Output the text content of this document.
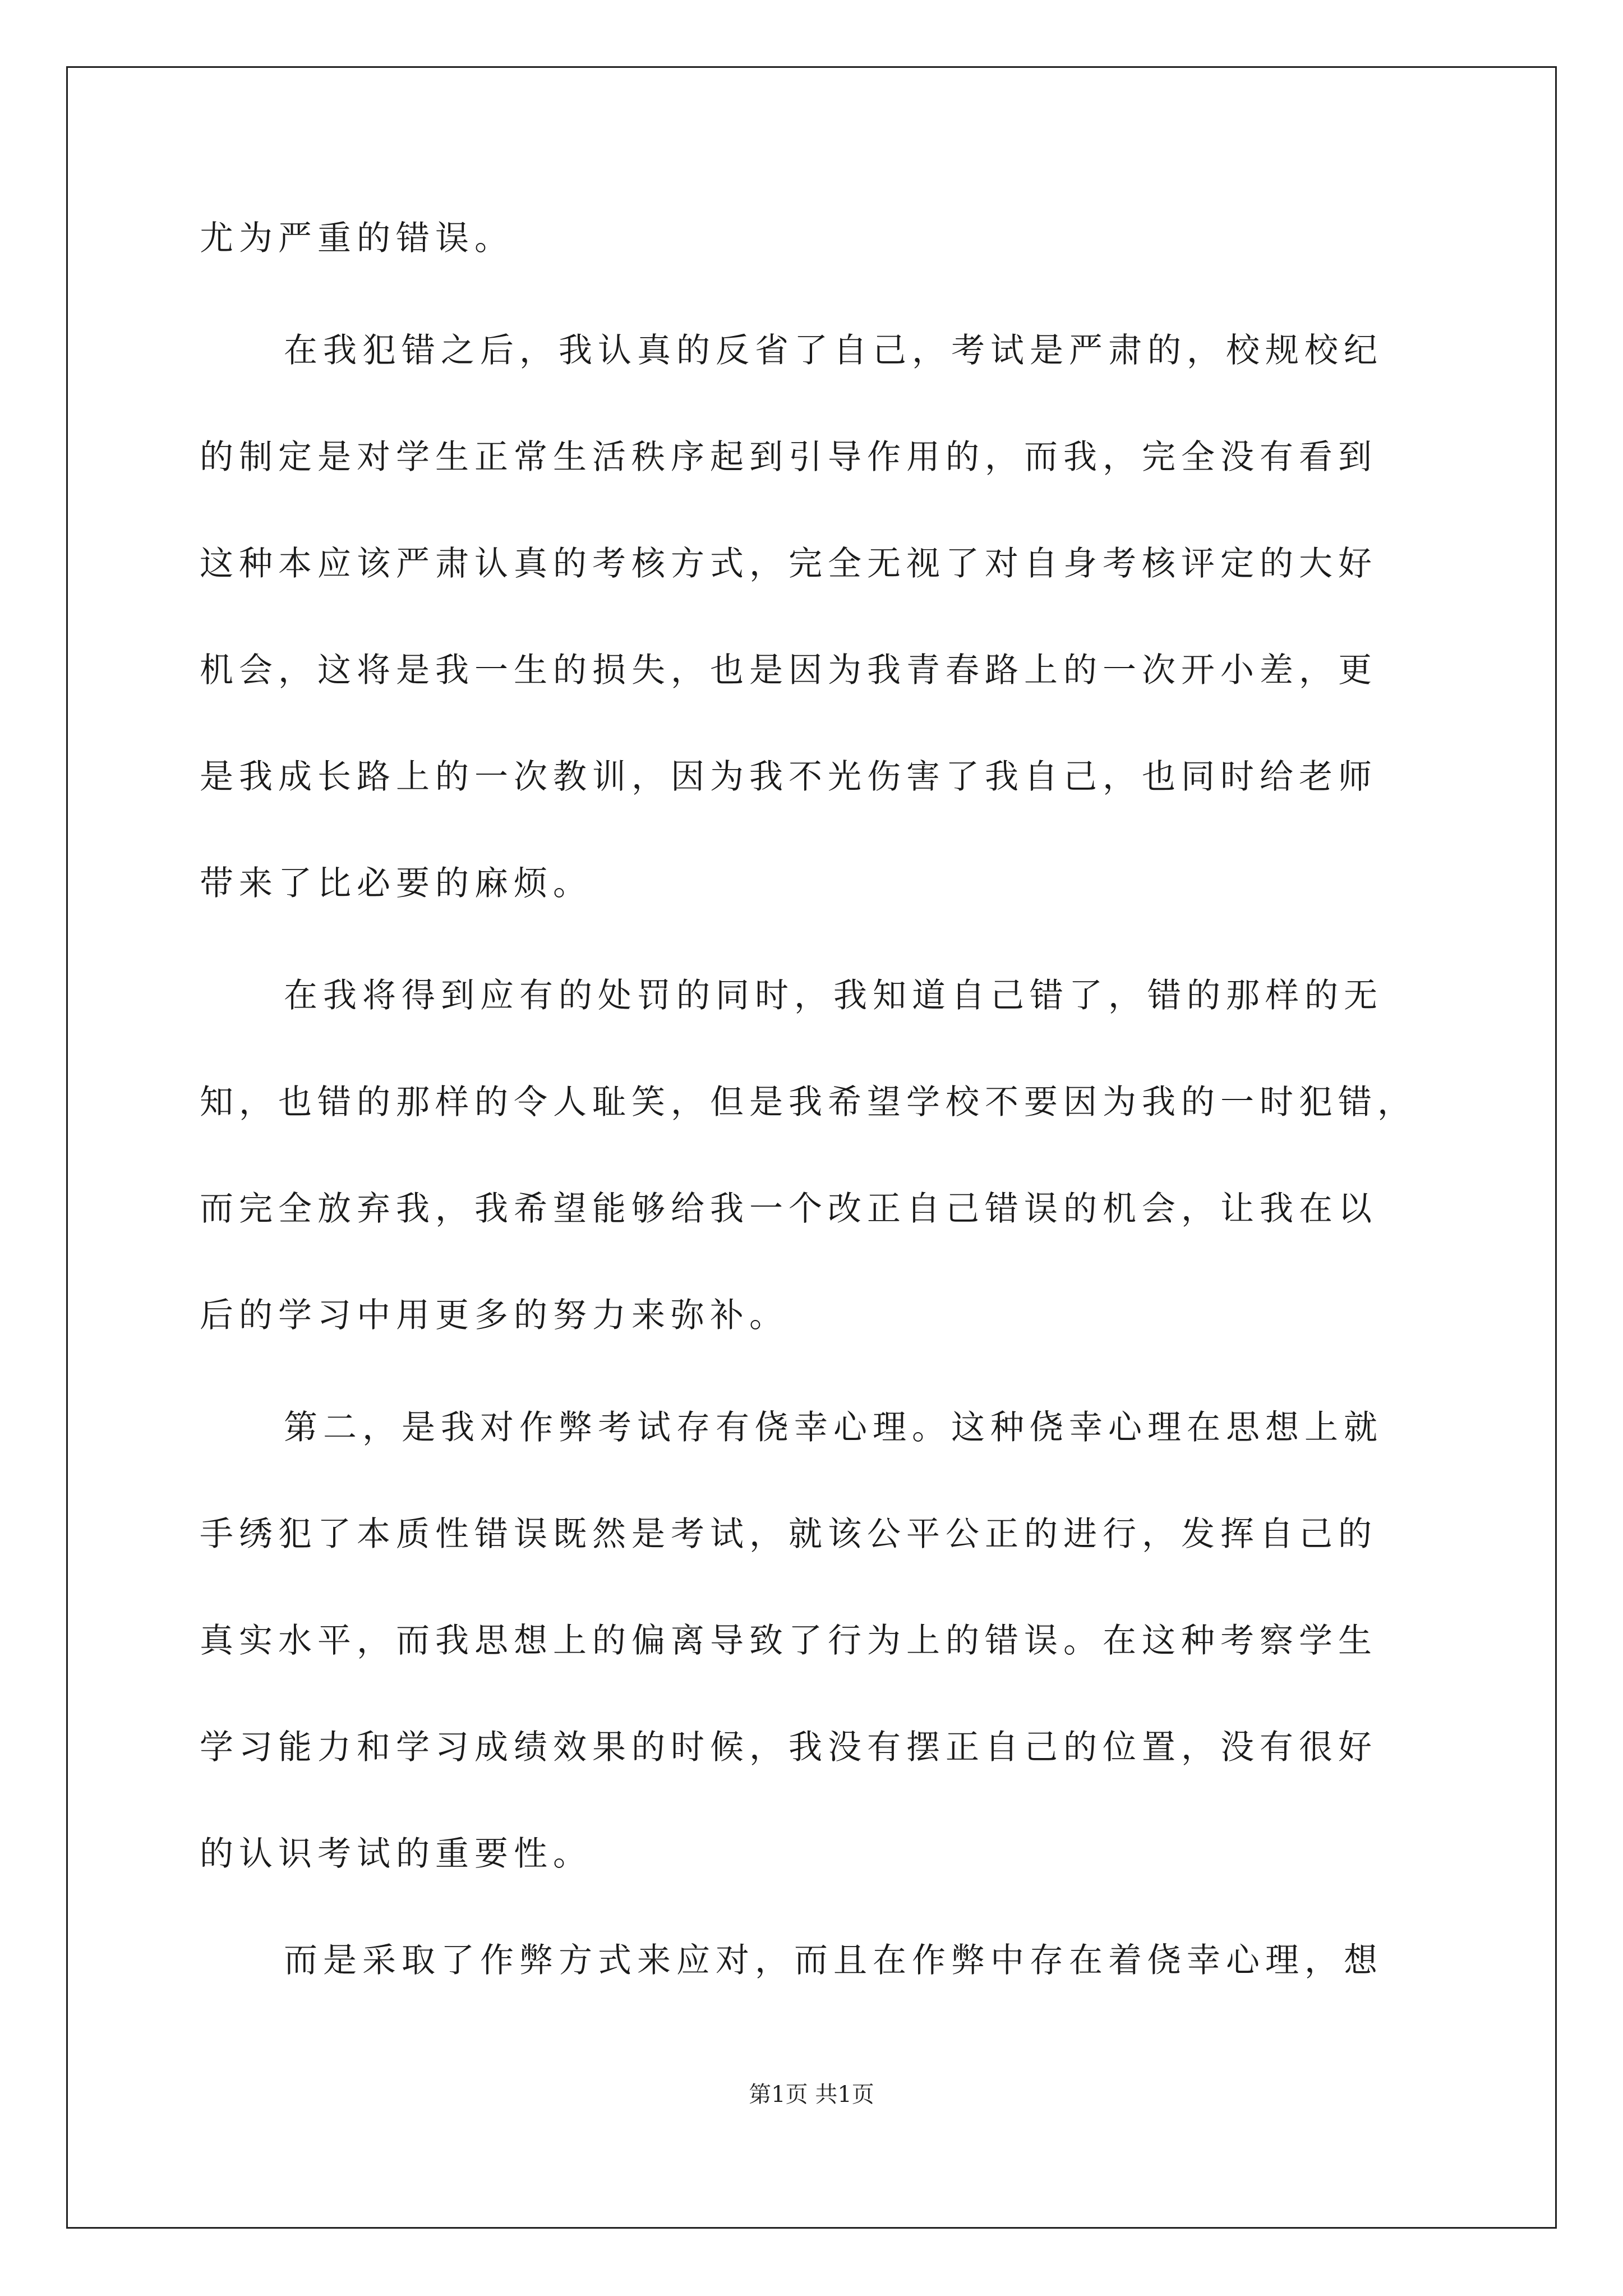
尤为严重的错误。
在我犯错之后，我认真的反省了自己，考试是严肃的，校规校纪
的制定是对学生正常生活秩序起到引导作用的，而我，完全没有看到
这种本应该严肃认真的考核方式，完全无视了对自身考核评定的大好
机会，这将是我一生的损失，也是因为我青春路上的一次开小差，更
是我成长路上的一次教训，因为我不光伤害了我自己，也同时给老师
带来了比必要的麻烦。
在我将得到应有的处罚的同时，我知道自己错了，错的那样的无
知，也错的那样的令人耻笑，但是我希望学校不要因为我的一时犯错，
而完全放弃我，我希望能够给我一个改正自己错误的机会，让我在以
后的学习中用更多的努力来弥补。
第二，是我对作弊考试存有侥幸心理。这种侥幸心理在思想上就
手绣犯了本质性错误既然是考试，就该公平公正的进行，发挥自己的
真实水平，而我思想上的偏离导致了行为上的错误。在这种考察学生
学习能力和学习成绩效果的时候，我没有摆正自己的位置，没有很好
的认识考试的重要性。
而是采取了作弊方式来应对，而且在作弊中存在着侥幸心理，想
第1页 共1页
